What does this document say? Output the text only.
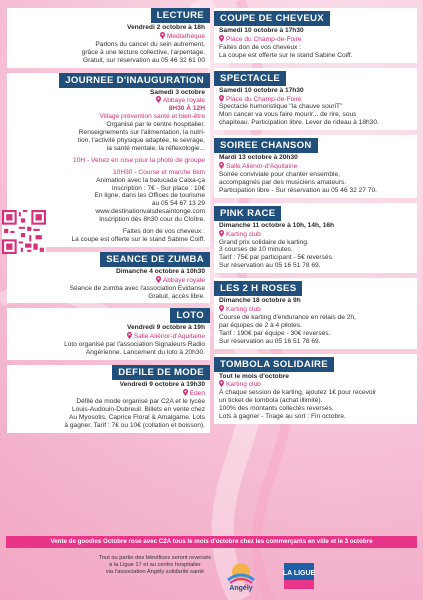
LECTURE
Vendredi 2 octobre à 18h
Médiathèque
Parlons du cancer du sein autrement,
grâce à une lecture collective, l'arpentage.
Gratuit, sur réservation au 05 46 32 61 00
JOURNEE D'INAUGURATION
Samedi 3 octobre
Abbaye royale
8H30 À 12H
Village prévention santé et bien-être
Organisé par le centre hospitalier.
Renseignements sur l'alimentation, la nutri-
tion, l'activité physique adaptée, le sevrage,
la santé mentale, la réflexologie...
10H - Venez en rose pour la photo de groupe
10H30 - Course et marche 6km
Animation avec la batucada Caixa-ça
Inscription : 7€ - Sur place : 10€
En ligne, dans les Offices de tourisme
au 05 54 67 13 29
www.destinationvalsdesaintonge.com
Inscription dès 8h30 cour du Cloître.
Faites don de vos cheveux :
La coupe est offerte sur le stand Sabine Coiff.
SEANCE DE ZUMBA
Dimanche 4 octobre à 10h30
Abbaye royale
Séance de zumba avec l'association Evidanse
Gratuit, accès libre.
LOTO
Vendredi 9 octobre à 19h
Salle Aliénor-d'Aquitaine
Loto organisé par l'association Signaleurs Radio
Angérienne. Lancement du loto à 20h30.
DEFILE DE MODE
Vendredi 9 octobre à 19h30
Eden
Défilé de mode organisé par C2A et le lycée
Louis-Audouin-Dubreuil. Billets en vente chez
Au Myosotis, Caprice Floral & Amalgame. Lots
à gagner. Tarif : 7€ ou 10€ (collation et boisson).
COUPE DE CHEVEUX
Samedi 10 octobre à 17h30
Place du Champ-de-Foire
Faites don de vos cheveux :
La coupe est offerte sur le stand Sabine Coiff.
SPECTACLE
Samedi 10 octobre à 17h30
Place du Champ-de-Foire
Spectacle humoristique "la chauve souriT"
Mon cancer va vous faire mourir... de rire, sous
chapiteau. Participation libre. Lever de rideau à 18h30.
SOIREE CHANSON
Mardi 13 octobre à 20h30
Salle Aliénor-d'Aquitaine
Soirée conviviale pour chanter ensemble,
accompagnés par des musiciens amateurs.
Participation libre - Sur réservation au 05 46 32 27 70.
PINK RACE
Dimanche 11 octobre à 10h, 14h, 16h
Karting club
Grand prix solidaire de karting.
3 courses de 10 minutes.
Tarif : 75€ par participant - 5€ reversés.
Sur réservation au 05 16 51 78 69.
LES 2 H ROSES
Dimanche 18 octobre à 9h
Karting club
Course de karting d'endurance en relais de 2h,
par équipes de 2 à 4 pilotes.
Tarif : 190€ par équipe - 30€ reversés.
Sur réservation au 05 16 51 78 69.
TOMBOLA SOLIDAIRE
Tout le mois d'octobre
Karting club
À chaque session de karting, ajoutez 1€ pour recevoir
un ticket de tombola (achat illimité).
100% des montants collectés reversés.
Lots à gagner - Tirage au sort : Fin octobre.
Vente de goodies Octobre rose avec C2A tous le mois d'octobre chez les commerçants en ville et le 3 octobre
Tout ou partie des bénéfices seront reversés
à la Ligue 17 et au centre hospitalier
via l'association Angély solidarité santé
Angély
LA LIGUE
